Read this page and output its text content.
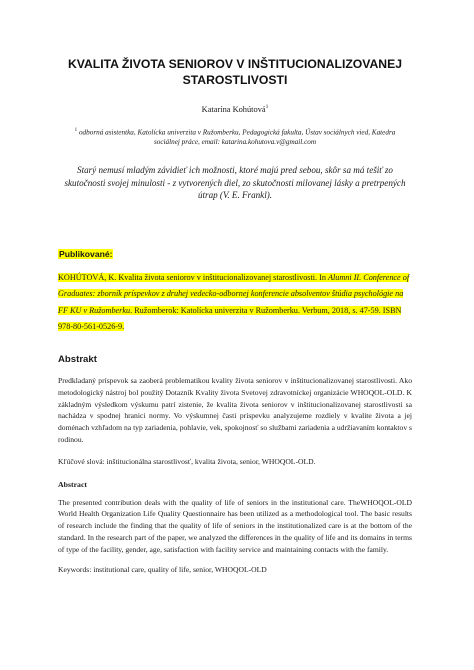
KVALITA ŽIVOTA SENIOROV V INŠTITUCIONALIZOVANEJ STAROSTLIVOSTI
Katarína Kohútová$^1$
$^1$ odborná asistentka, Katolícka univerzita v Ružomberku, Pedagogická fakulta, Ústav sociálnych vied, Katedra sociálnej práce, email: katarina.kohutova.v@gmail.com
Starý nemusí mladým závidieť ich možnosti, ktoré majú pred sebou, skôr sa má tešiť zo skutočnosti svojej minulosti - z vytvorených diel, zo skutočnosti milovanej lásky a pretrpených útrap (V. E. Frankl).
Publikované:
KOHÚTOVÁ, K. Kvalita života seniorov v inštitucionalizovanej starostlivosti. In Alumni II. Conference of Graduates: zborník príspevkov z druhej vedecko-odbornej konferencie absolventov štúdia psychológie na FF KU v Ružomberku. Ružomberok: Katolícka univerzita v Ružomberku. Verbum, 2018, s. 47-59. ISBN 978-80-561-0526-9.
Abstrakt

Predkladaný príspevok sa zaoberá problematikou kvality života seniorov v inštitucionalizovanej starostlivosti. Ako metodologický nástroj bol použitý Dotazník Kvality života Svetovej zdravotníckej organizácie WHOQOL-OLD. K základným výsledkom výskumu patrí zistenie, že kvalita života seniorov v inštitucionalizovanej starostlivosti sa nachádza v spodnej hranici normy. Vo výskumnej časti príspevku analyzujeme rozdiely v kvalite života a jej doménach vzhľadom na typ zariadenia, pohlavie, vek, spokojnosť so službami zariadenia a udržiavaním kontaktov s rodinou.

Kľúčové slová: inštitucionálna starostlivosť, kvalita života, senior, WHOQOL-OLD.
Abstract

The presented contribution deals with the quality of life of seniors in the institutional care. TheWHOQOL-OLD World Health Organization Life Quality Questionnaire has been utilized as a methodological tool. The basic results of research include the finding that the quality of life of seniors in the institutionalized care is at the bottom of the standard. In the research part of the paper, we analyzed the differences in the quality of life and its domains in terms of type of the facility, gender, age, satisfaction with facility service and maintaining contacts with the family.

Keywords: institutional care, quality of life, senior, WHOQOL-OLD
